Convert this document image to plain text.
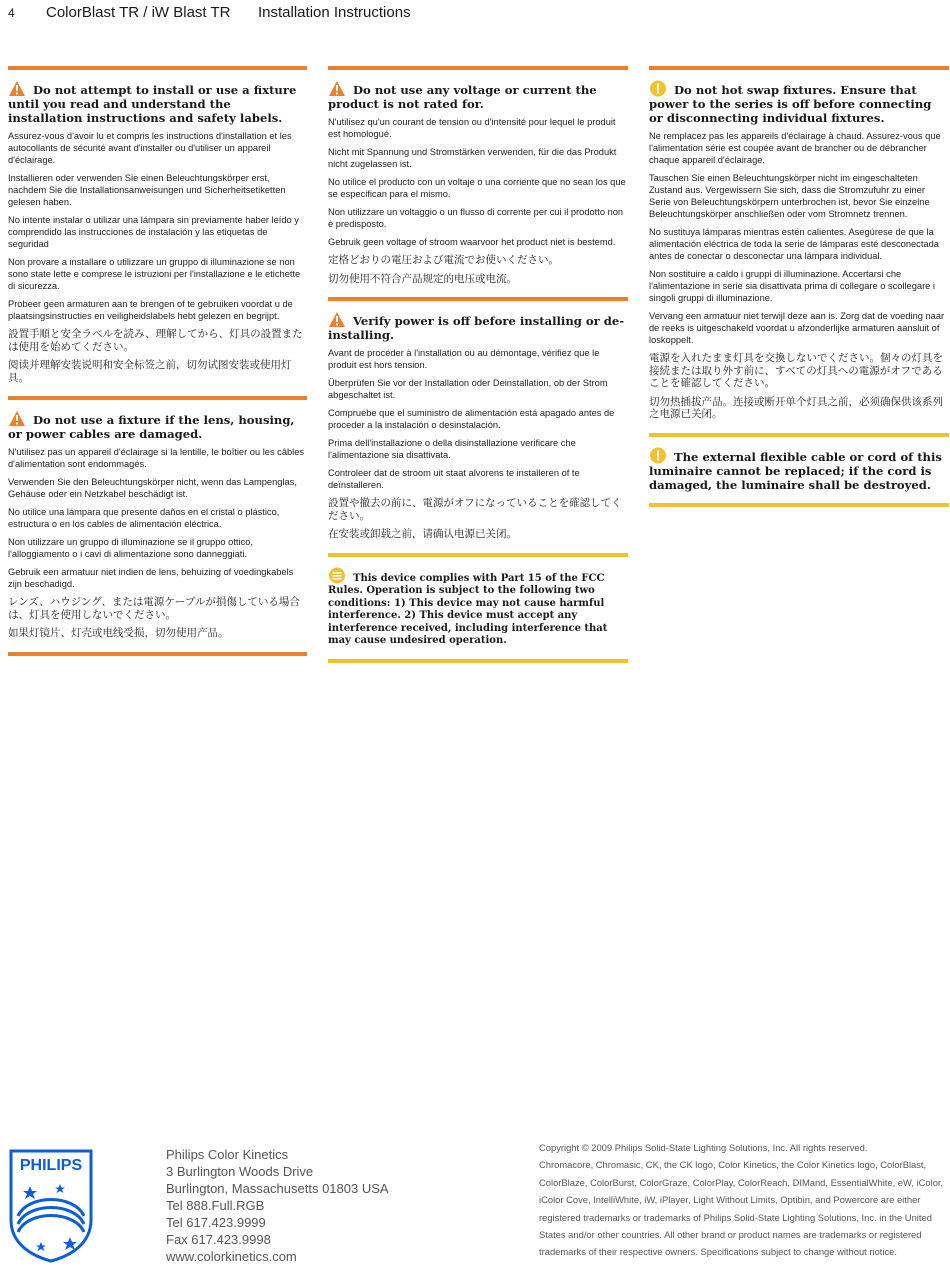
4 ColorBlast TR / iW Blast TR Installation Instructions
Do not attempt to install or use a fixture until you read and understand the installation instructions and safety labels.
Assurez-vous d'avoir lu et compris les instructions d'installation et les autocollants de sécurité avant d'installer ou d'utiliser un appareil d'éclairage.
Installieren oder verwenden Sie einen Beleuchtungskörper erst, nachdem Sie die Installationsanweisungen und Sicherheitsetiketten gelesen haben.
No intente instalar o utilizar una lámpara sin previamente haber leído y comprendido las instrucciones de instalación y las etiquetas de seguridad
Non provare a installare o utilizzare un gruppo di illuminazione se non sono state lette e comprese le istruzioni per l'installazione e le etichette di sicurezza.
Probeer geen armaturen aan te brengen of te gebruiken voordat u de plaatsingsinstructies en veiligheidslabels hebt gelezen en begrijpt.
設置手順と安全ラベルを読み、理解してから、灯具の設置または使用を始めてください。
阅读并理解安装说明和安全标签之前，切勿试图安装或使用灯具。
Do not use a fixture if the lens, housing, or power cables are damaged.
N'utilisez pas un appareil d'éclairage si la lentille, le boîtier ou les câbles d'alimentation sont endommagés.
Verwenden Sie den Beleuchtungskörper nicht, wenn das Lampenglas, Gehäuse oder ein Netzkabel beschädigt ist.
No utilice una lámpara que presente daños en el cristal o plástico, estructura o en los cables de alimentación eléctrica.
Non utilizzare un gruppo di illuminazione se il gruppo ottico, l'alloggiamento o i cavi di alimentazione sono danneggiati.
Gebruik een armatuur niet indien de lens, behuizing of voedingkabels zijn beschadigd.
レンズ、ハウジング、または電源ケーブルが損傷している場合は、灯具を使用しないでください。
如果灯镜片、灯壳或电线受损，切勿使用产品。
Do not use any voltage or current the product is not rated for.
N'utilisez qu'un courant de tension ou d'intensité pour lequel le produit est homologué.
Nicht mit Spannung und Stromstärken verwenden, für die das Produkt nicht zugelassen ist.
No utilice el producto con un voltaje o una corriente que no sean los que se especifican para el mismo.
Non utilizzare un voltaggio o un flusso di corrente per cui il prodotto non è predisposto.
Gebruik geen voltage of stroom waarvoor het product niet is bestemd.
定格どおりの電圧および電流でお使いください。
切勿使用不符合产品规定的电压或电流。
Verify power is off before installing or de-installing.
Avant de procéder à l'installation ou au démontage, vérifiez que le produit est hors tension.
Überprüfen Sie vor der Installation oder Deinstallation, ob der Strom abgeschaltet ist.
Compruebe que el suministro de alimentación está apagado antes de proceder a la instalación o desinstalación.
Prima dell'installazione o della disinstallazione verificare che l'alimentazione sia disattivata.
Controleer dat de stroom uit staat alvorens te installeren of te deïnstalleren.
設置や撤去の前に、電源がオフになっていることを確認してください。
在安装或卸载之前，请确认电源已关闭。
This device complies with Part 15 of the FCC Rules. Operation is subject to the following two conditions: 1) This device may not cause harmful interference. 2) This device must accept any interference received, including interference that may cause undesired operation.
Do not hot swap fixtures. Ensure that power to the series is off before connecting or disconnecting individual fixtures.
Ne remplacez pas les appareils d'éclairage à chaud. Assurez-vous que l'alimentation série est coupée avant de brancher ou de débrancher chaque appareil d'éclairage.
Tauschen Sie einen Beleuchtungskörper nicht im eingeschalteten Zustand aus. Vergewissern Sie sich, dass die Stromzufuhr zu einer Serie von Beleuchtungskörpern unterbrochen ist, bevor Sie einzelne Beleuchtungskörper anschließen oder vom Stromnetz trennen.
No sustituya lámparas mientras estén calientes. Asegúrese de que la alimentación eléctrica de toda la serie de lámparas esté desconectada antes de conectar o desconectar una lámpara individual.
Non sostituire a caldo i gruppi di illuminazione. Accertarsi che l'alimentazione in serie sia disattivata prima di collegare o scollegare i singoli gruppi di illuminazione.
Vervang een armatuur niet terwijl deze aan is. Zorg dat de voeding naar de reeks is uitgeschakeld voordat u afzonderlijke armaturen aansluit of loskoppelt.
電源を入れたまま灯具を交換しないでください。個々の灯具を接続または取り外す前に、すべての灯具への電源がオフであることを確認してください。
切勿热插拔产品。连接或断开单个灯具之前，必须确保供该系列之电源已关闭。
The external flexible cable or cord of this luminaire cannot be replaced; if the cord is damaged, the luminaire shall be destroyed.
PHILIPS
Philips Color Kinetics
3 Burlington Woods Drive
Burlington, Massachusetts 01803 USA
Tel 888.Full.RGB
Tel 617.423.9999
Fax 617.423.9998
www.colorkinetics.com
Copyright © 2009 Philips Solid-State Lighting Solutions, Inc. All rights reserved.
Chromacore, Chromasic, CK, the CK logo, Color Kinetics, the Color Kinetics logo, ColorBlast,
ColorBlaze, ColorBurst, ColorGraze, ColorPlay, ColorReach, DIMand, EssentialWhite, eW, iColor,
iColor Cove, IntelliWhite, iW, iPlayer, Light Without Limits, Optibin, and Powercore are either
registered trademarks or trademarks of Philips Solid-State Lighting Solutions, Inc. in the United
States and/or other countries. All other brand or product names are trademarks or registered
trademarks of their respective owners. Specifications subject to change without notice.
